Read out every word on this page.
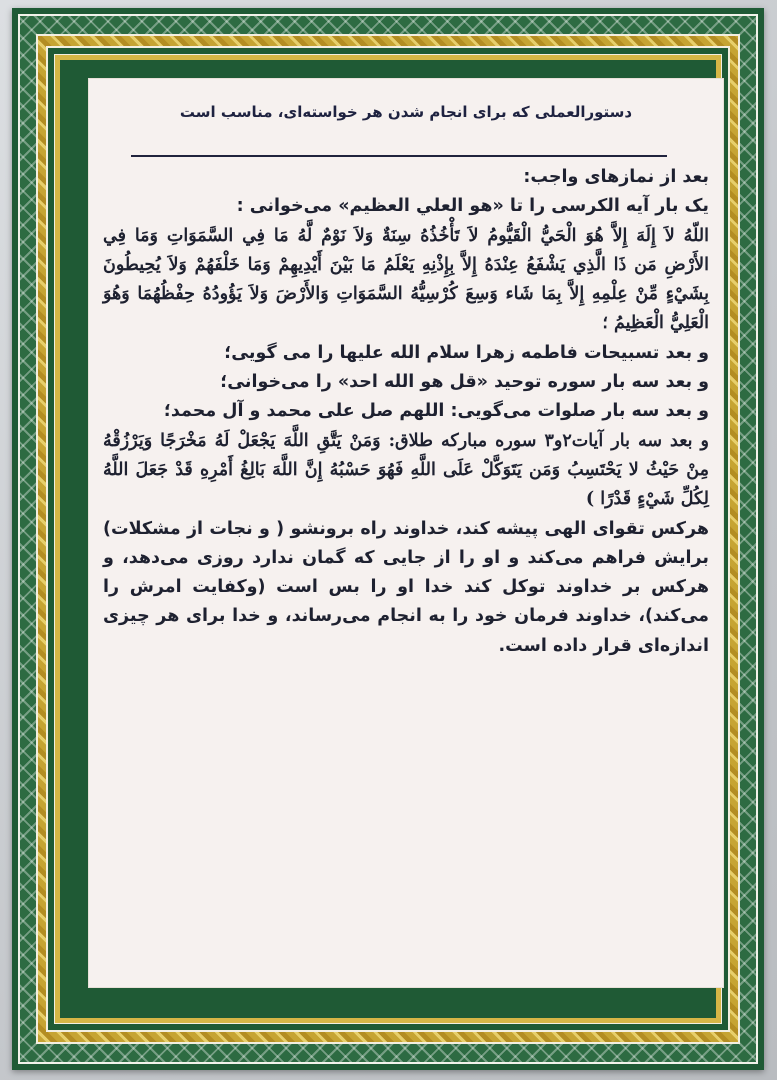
دستورالعملی که برای انجام شدن هر خواسته‌ای، مناسب است

بعد از نمازهای واجب:

یک بار آیه الکرسی را تا «هو العلي العظيم» می‌خوانی :

اللّهُ لاَ إِلَهَ إِلاَّ هُوَ الْحَيُّ الْقَيُّومُ لاَ تَأْخُذُهُ سِنَةٌ وَلاَ نَوْمٌ لَّهُ مَا فِي السَّمَوَاتِ وَمَا فِي الأَرْضِ مَن ذَا الَّذِي يَشْفَعُ عِنْدَهُ إِلاَّ بِإِذْنِهِ يَعْلَمُ مَا بَيْنَ أَيْدِيهِمْ وَمَا خَلْفَهُمْ وَلاَ يُحِيطُونَ بِشَيْءٍ مِّنْ عِلْمِهِ إِلاَّ بِمَا شَاء وَسِعَ كُرْسِيُّهُ السَّمَوَاتِ وَالأَرْضَ وَلاَ يَؤُودُهُ حِفْظُهُمَا وَهُوَ الْعَلِيُّ الْعَظِيمُ ؛

و بعد تسبیحات فاطمه زهرا سلام الله علیها را می گویی؛

و بعد سه بار سوره توحید «قل هو الله احد» را می‌خوانی؛

و بعد سه بار صلوات می‌گویی: اللهم صل علی محمد و آل محمد؛

و بعد سه بار آیات۲و۳ سوره مبارکه طلاق: وَمَنْ يَتَّقِ اللَّهَ يَجْعَلْ لَهُ مَخْرَجًا وَيَرْزُقْهُ مِنْ حَيْثُ لا يَحْتَسِبُ وَمَن يَتَوَكَّلْ عَلَى اللَّهِ فَهُوَ حَسْبُهُ إِنَّ اللَّهَ بَالِغُ أَمْرِهِ قَدْ جَعَلَ اللَّهُ لِكُلِّ شَيْءٍ قَدْرًا )

هرکس تقوای الهی پیشه کند، خداوند راه برونشو ( و نجات از مشکلات) برایش فراهم می‌کند و او را از جایی که گمان ندارد روزی می‌دهد، و هرکس بر خداوند توکل کند خدا او را بس است (وکفایت امرش را می‌کند)، خداوند فرمان خود را به انجام می‌رساند، و خدا برای هر چیزی اندازه‌ای قرار داده است.
